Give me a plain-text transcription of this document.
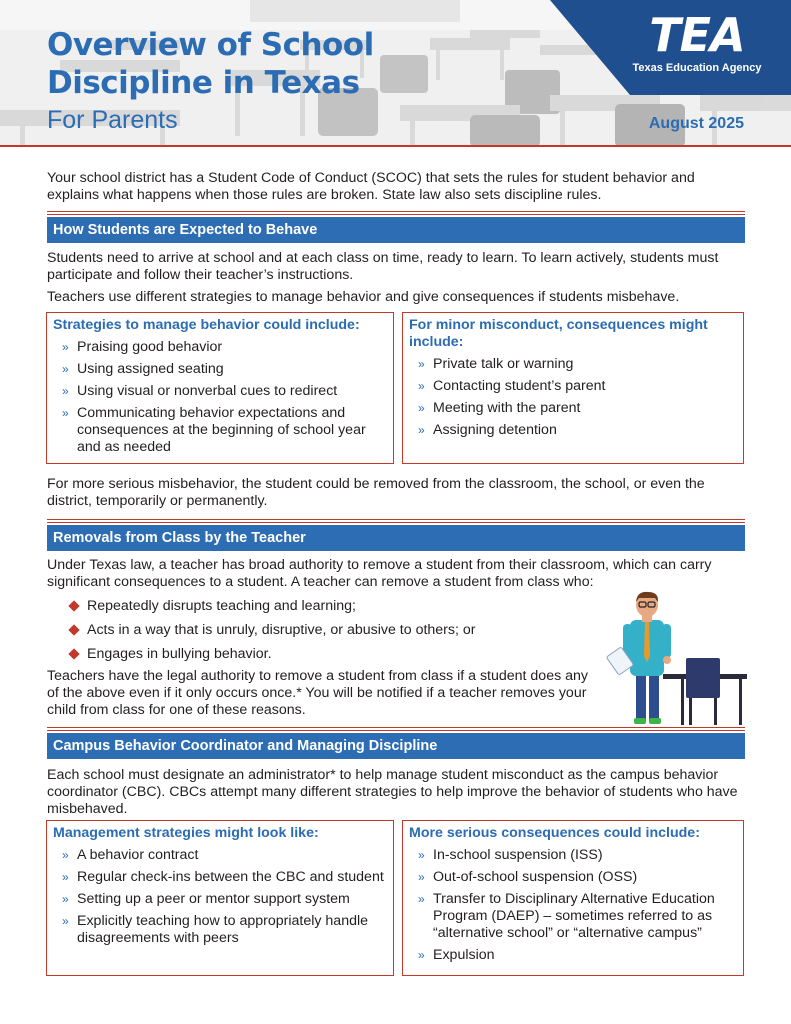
TEA
Texas Education Agency
Overview of School
Discipline in Texas
For Parents	August 2025
Your school district has a Student Code of Conduct (SCOC) that sets the rules for student behavior and explains what happens when those rules are broken. State law also sets discipline rules.
How Students are Expected to Behave
Students need to arrive at school and at each class on time, ready to learn. To learn actively, students must participate and follow their teacher’s instructions.
Teachers use different strategies to manage behavior and give consequences if students misbehave.
Strategies to manage behavior could include:
» Praising good behavior
» Using assigned seating
» Using visual or nonverbal cues to redirect
» Communicating behavior expectations and consequences at the beginning of school year and as needed
For minor misconduct, consequences might include:
» Private talk or warning
» Contacting student’s parent
» Meeting with the parent
» Assigning detention
For more serious misbehavior, the student could be removed from the classroom, the school, or even the district, temporarily or permanently.
Removals from Class by the Teacher
Under Texas law, a teacher has broad authority to remove a student from their classroom, which can carry significant consequences to a student. A teacher can remove a student from class who:
Repeatedly disrupts teaching and learning;
Acts in a way that is unruly, disruptive, or abusive to others; or
Engages in bullying behavior.
Teachers have the legal authority to remove a student from class if a student does any of the above even if it only occurs once.* You will be notified if a teacher removes your child from class for one of these reasons.
Campus Behavior Coordinator and Managing Discipline
Each school must designate an administrator* to help manage student misconduct as the campus behavior coordinator (CBC). CBCs attempt many different strategies to help improve the behavior of students who have misbehaved.
Management strategies might look like:
» A behavior contract
» Regular check-ins between the CBC and student
» Setting up a peer or mentor support system
» Explicitly teaching how to appropriately handle disagreements with peers
More serious consequences could include:
» In-school suspension (ISS)
» Out-of-school suspension (OSS)
» Transfer to Disciplinary Alternative Education Program (DAEP) – sometimes referred to as “alternative school” or “alternative campus”
» Expulsion
